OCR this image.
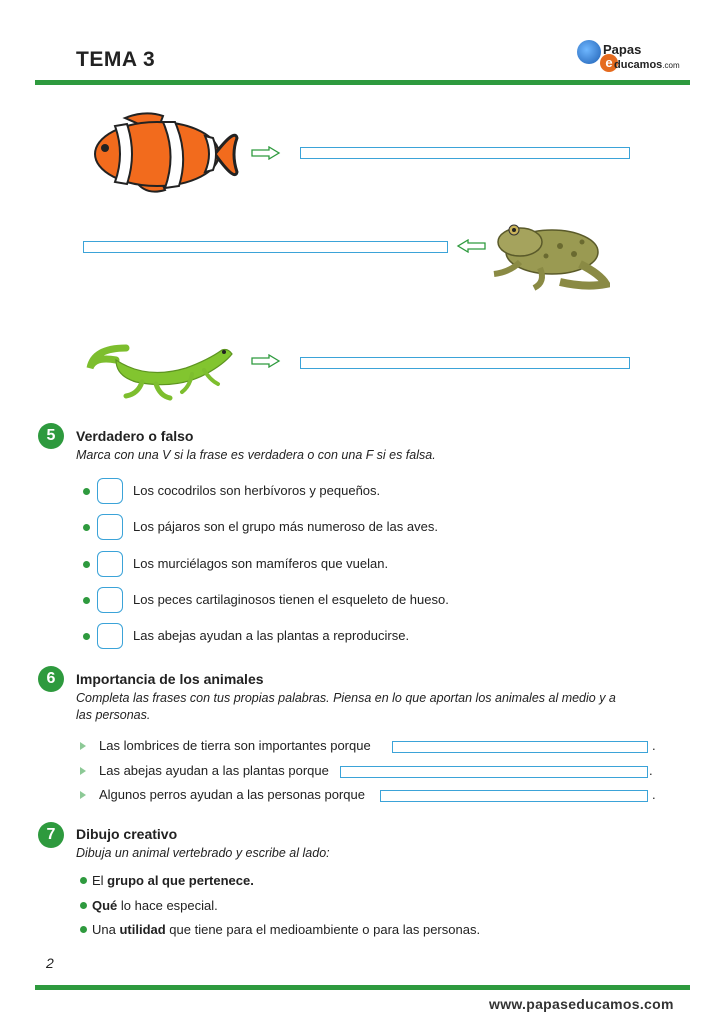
TEMA 3	e
Papas
ducamos.com
5	Verdadero o falso
Marca con una V si la frase es verdadera o con una F si es falsa.
Los cocodrilos son herbívoros y pequeños.
Los pájaros son el grupo más numeroso de las aves.
Los murciélagos son mamíferos que vuelan.
Los peces cartilaginosos tienen el esqueleto de hueso.
Las abejas ayudan a las plantas a reproducirse.
6	Importancia de los animales
Completa las frases con tus propias palabras. Piensa en lo que aportan los animales al medio y a
las personas.
Las lombrices de tierra son importantes porque	.
Las abejas ayudan a las plantas porque	.
Algunos perros ayudan a las personas porque	.
7	Dibujo creativo
Dibuja un animal vertebrado y escribe al lado:
El grupo al que pertenece.
Qué lo hace especial.
Una utilidad que tiene para el medioambiente o para las personas.
2
www.papaseducamos.com
